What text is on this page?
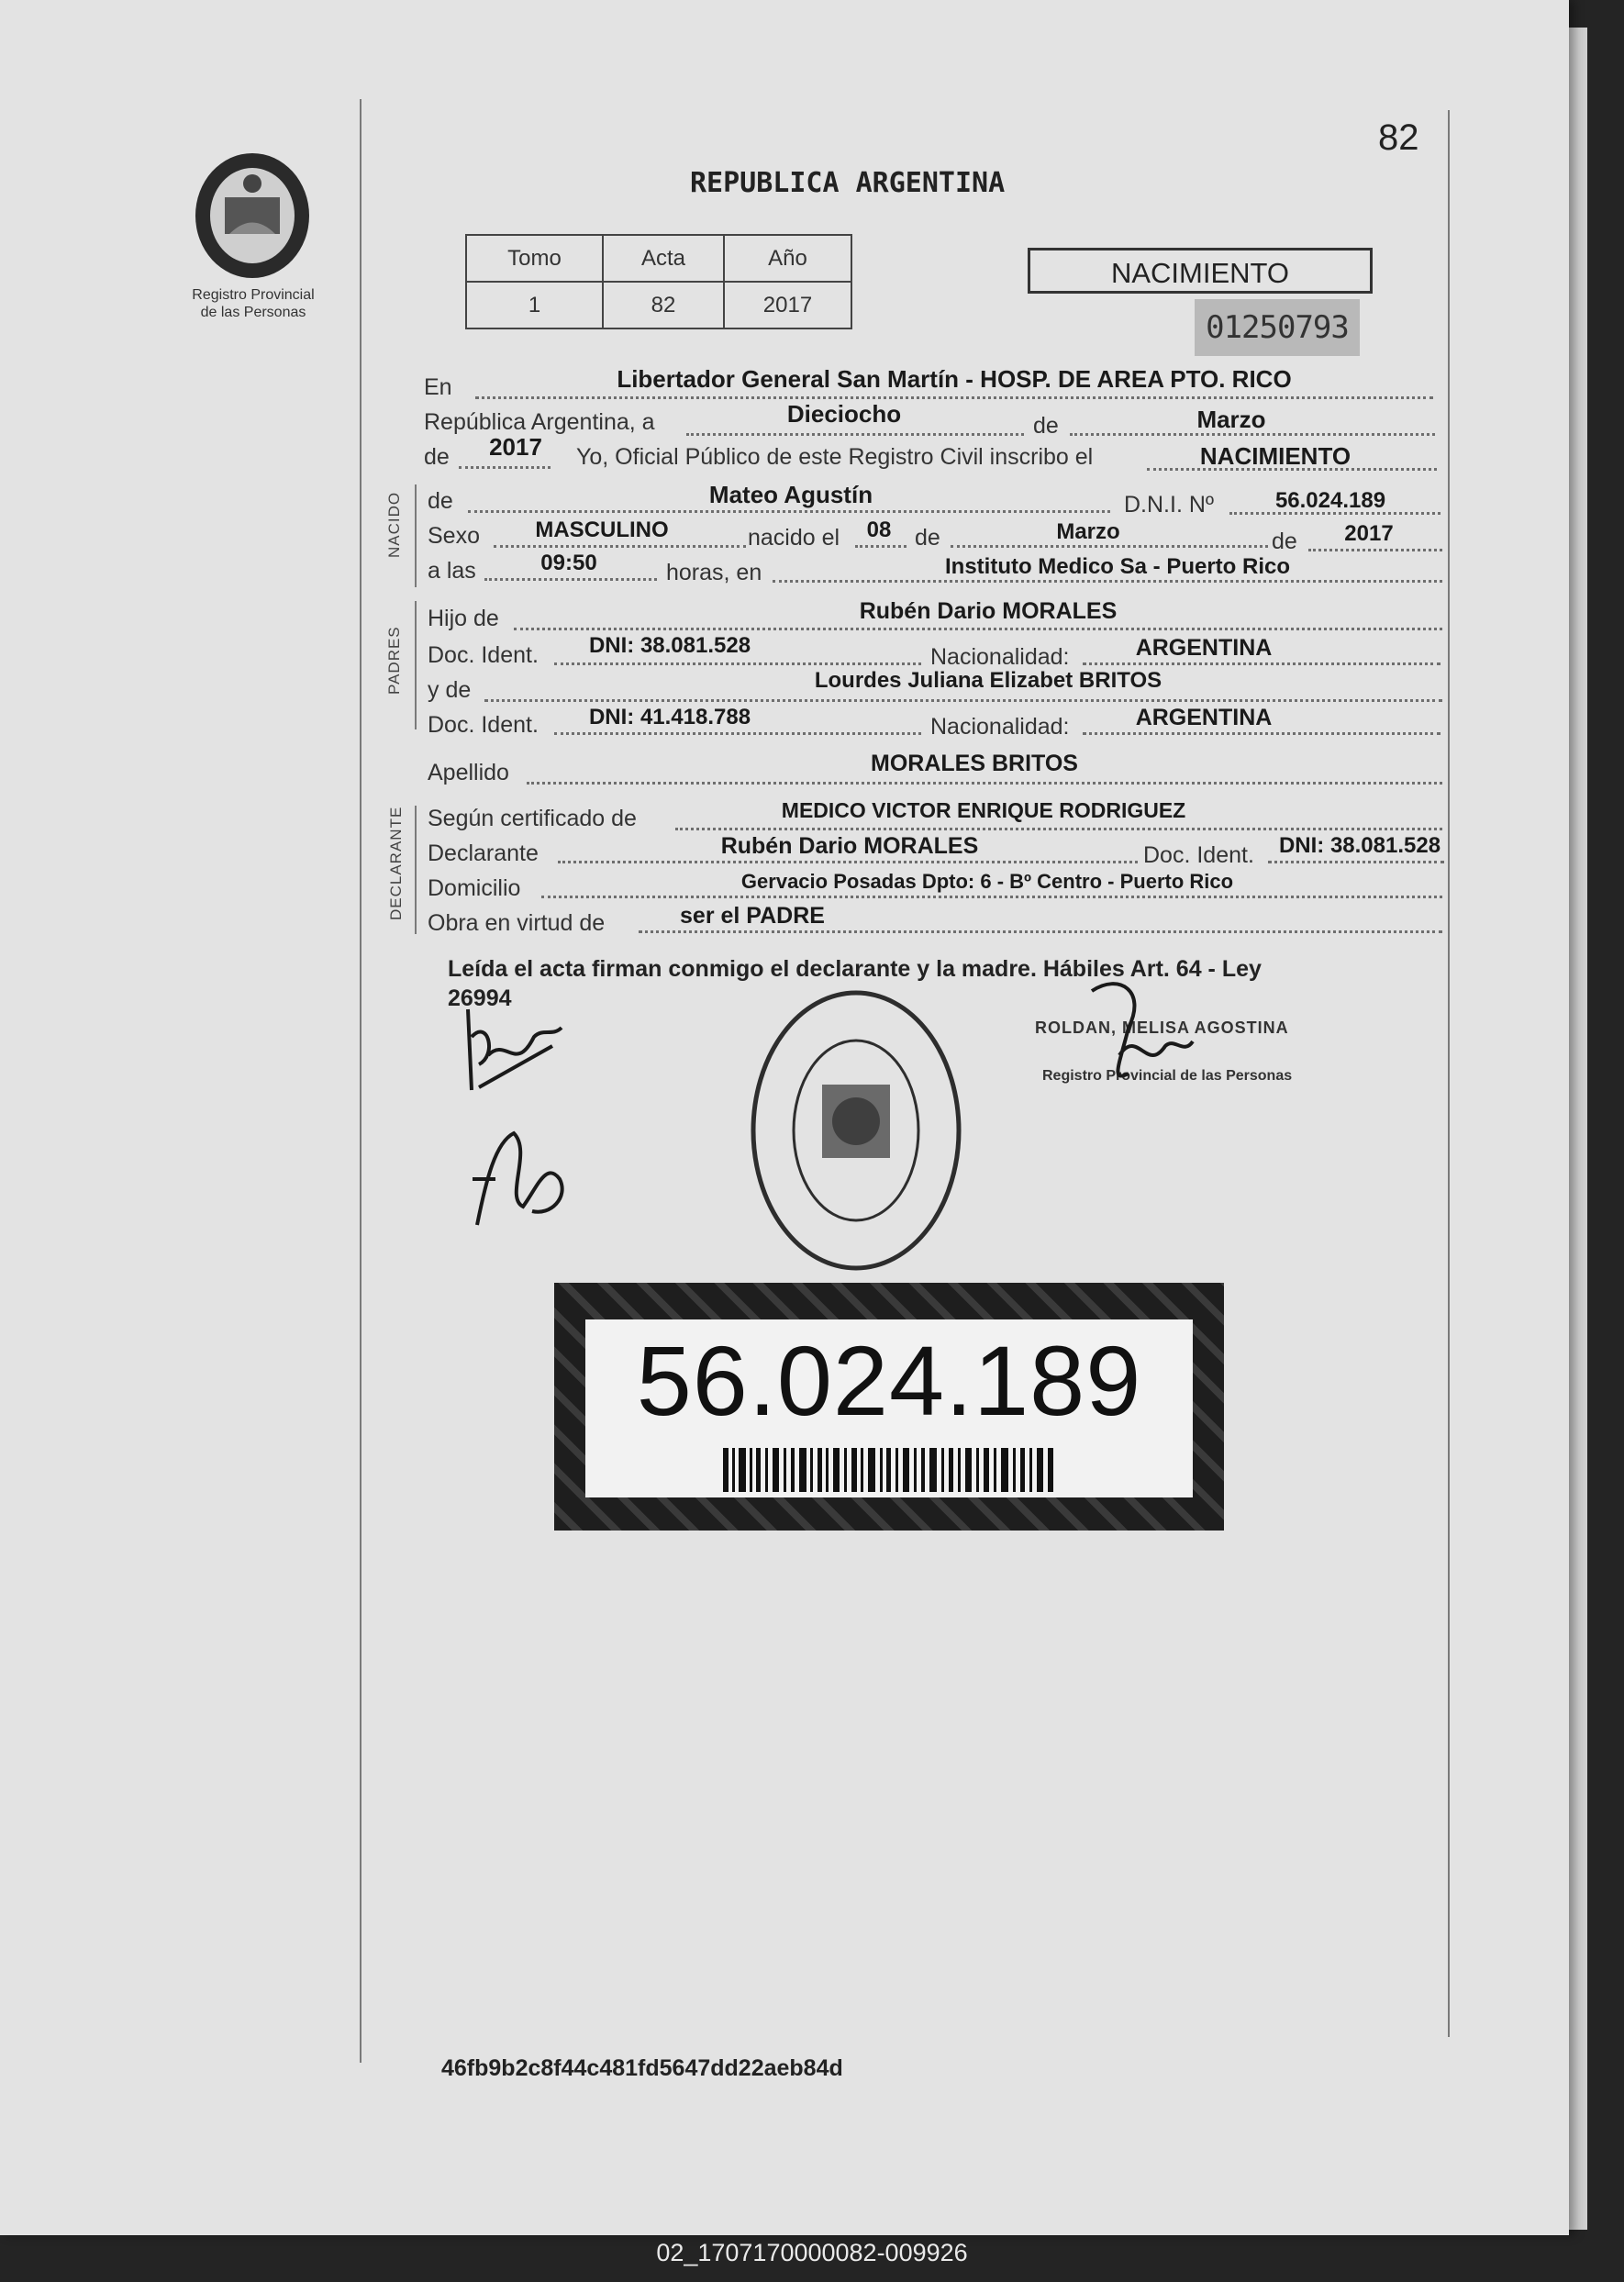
Registro Provincial
de las Personas
82
REPUBLICA ARGENTINA
Tomo	Acta	Año
1	82	2017
NACIMIENTO
01250793
NACIDO
PADRES
DECLARANTE
En	Libertador General San Martín - HOSP. DE AREA PTO. RICO
República Argentina, a	Dieciocho	de	Marzo
de 2017 Yo, Oficial Público de este Registro Civil inscribo el	NACIMIENTO
de	Mateo Agustín	D.N.I. Nº	56.024.189
Sexo	MASCULINO	nacido el 08 de	Marzo	de 2017
a las	09:50	horas, en	Instituto Medico Sa - Puerto Rico
Hijo de	Rubén Dario MORALES
Doc. Ident. DNI: 38.081.528	Nacionalidad:	ARGENTINA
y de	Lourdes Juliana Elizabet BRITOS
Doc. Ident. DNI: 41.418.788	Nacionalidad:	ARGENTINA
Apellido	MORALES BRITOS
Según certificado de	MEDICO VICTOR ENRIQUE RODRIGUEZ
Declarante	Rubén Dario MORALES	Doc. Ident. DNI: 38.081.528
Domicilio	Gervacio Posadas Dpto: 6 - Bº Centro - Puerto Rico
Obra en virtud de	ser el PADRE
Leída el acta firman conmigo el declarante y la madre. Hábiles Art. 64 - Ley
26994
ROLDAN, MELISA AGOSTINA
Registro Provincial de las Personas
56.024.189
46fb9b2c8f44c481fd5647dd22aeb84d
02_1707170000082-009926
